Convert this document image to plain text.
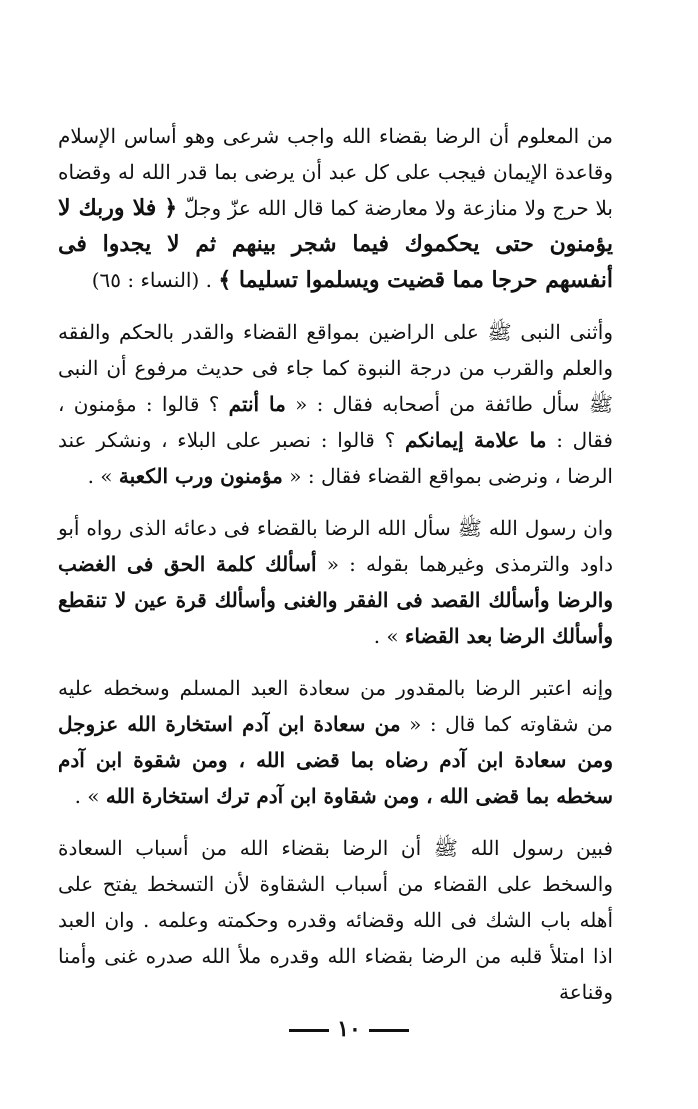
من المعلوم أن الرضا بقضاء الله واجب شرعى وهو أساس الإسلام وقاعدة الإيمان فيجب على كل عبد أن يرضى بما قدر الله له وقضاه بلا حرج ولا منازعة ولا معارضة كما قال الله عزّ وجلّ ﴿ فلا وربك لا يؤمنون حتى يحكموك فيما شجر بينهم ثم لا يجدوا فى أنفسهم حرجا مما قضيت ويسلموا تسليما ﴾ . (النساء : ٦٥)

وأثنى النبى ﷺ على الراضين بمواقع القضاء والقدر بالحكم والفقه والعلم والقرب من درجة النبوة كما جاء فى حديث مرفوع أن النبى ﷺ سأل طائفة من أصحابه فقال : « ما أنتم ؟ قالوا : مؤمنون ، فقال : ما علامة إيمانكم ؟ قالوا : نصبر على البلاء ، ونشكر عند الرضا ، ونرضى بمواقع القضاء فقال : « مؤمنون ورب الكعبة » .

وان رسول الله ﷺ سأل الله الرضا بالقضاء فى دعائه الذى رواه أبو داود والترمذى وغيرهما بقوله : « أسألك كلمة الحق فى الغضب والرضا وأسألك القصد فى الفقر والغنى وأسألك قرة عين لا تنقطع وأسألك الرضا بعد القضاء » .

وإنه اعتبر الرضا بالمقدور من سعادة العبد المسلم وسخطه عليه من شقاوته كما قال : « من سعادة ابن آدم استخارة الله عزوجل ومن سعادة ابن آدم رضاه بما قضى الله ، ومن شقوة ابن آدم سخطه بما قضى الله ، ومن شقاوة ابن آدم ترك استخارة الله » .

فبين رسول الله ﷺ أن الرضا بقضاء الله من أسباب السعادة والسخط على القضاء من أسباب الشقاوة لأن التسخط يفتح على أهله باب الشك فى الله وقضائه وقدره وحكمته وعلمه . وان العبد اذا امتلأ قلبه من الرضا بقضاء الله وقدره ملأ الله صدره غنى وأمنا وقناعة

١٠
